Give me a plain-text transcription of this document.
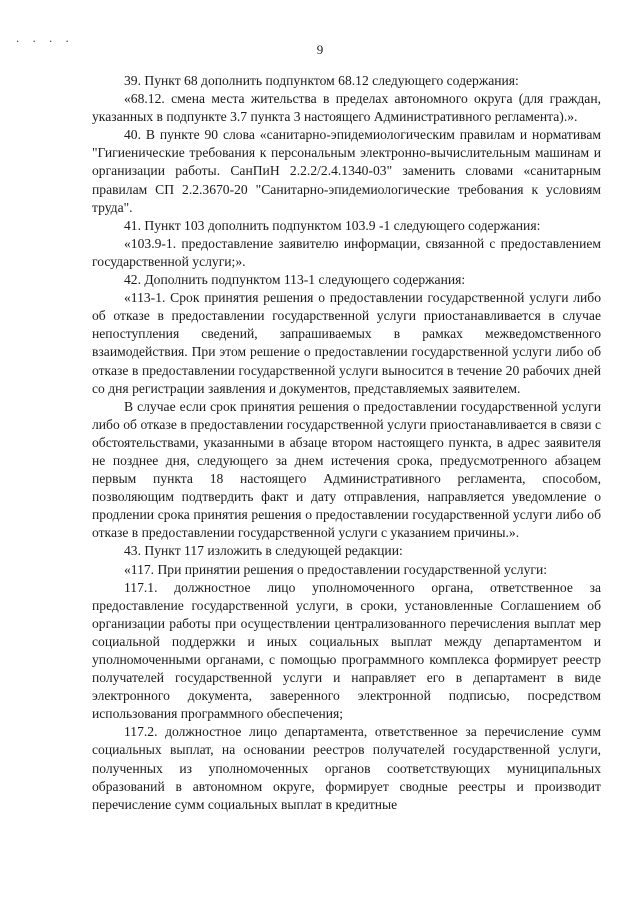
. . . .
9

39. Пункт 68 дополнить подпунктом 68.12 следующего содержания:

«68.12. смена места жительства в пределах автономного округа (для граждан, указанных в подпункте 3.7 пункта 3 настоящего Административного регламента).».

40. В пункте 90 слова «санитарно-эпидемиологическим правилам и нормативам "Гигиенические требования к персональным электронно-вычислительным машинам и организации работы. СанПиН 2.2.2/2.4.1340-03" заменить словами «санитарным правилам СП 2.2.3670-20 "Санитарно-эпидемиологические требования к условиям труда".

41. Пункт 103 дополнить подпунктом 103.9 -1 следующего содержания:

«103.9-1. предоставление заявителю информации, связанной с предоставлением государственной услуги;».

42. Дополнить подпунктом 113-1 следующего содержания:

«113-1. Срок принятия решения о предоставлении государственной услуги либо об отказе в предоставлении государственной услуги приостанавливается в случае непоступления сведений, запрашиваемых в рамках межведомственного взаимодействия. При этом решение о предоставлении государственной услуги либо об отказе в предоставлении государственной услуги выносится в течение 20 рабочих дней со дня регистрации заявления и документов, представляемых заявителем.

В случае если срок принятия решения о предоставлении государственной услуги либо об отказе в предоставлении государственной услуги приостанавливается в связи с обстоятельствами, указанными в абзаце втором настоящего пункта, в адрес заявителя не позднее дня, следующего за днем истечения срока, предусмотренного абзацем первым пункта 18 настоящего Административного регламента, способом, позволяющим подтвердить факт и дату отправления, направляется уведомление о продлении срока принятия решения о предоставлении государственной услуги либо об отказе в предоставлении государственной услуги с указанием причины.».

43. Пункт 117 изложить в следующей редакции:

«117. При принятии решения о предоставлении государственной услуги:

117.1. должностное лицо уполномоченного органа, ответственное за предоставление государственной услуги, в сроки, установленные Соглашением об организации работы при осуществлении централизованного перечисления выплат мер социальной поддержки и иных социальных выплат между департаментом и уполномоченными органами, с помощью программного комплекса формирует реестр получателей государственной услуги и направляет его в департамент в виде электронного документа, заверенного электронной подписью, посредством использования программного обеспечения;

117.2. должностное лицо департамента, ответственное за перечисление сумм социальных выплат, на основании реестров получателей государственной услуги, полученных из уполномоченных органов соответствующих муниципальных образований в автономном округе, формирует сводные реестры и производит перечисление сумм социальных выплат в кредитные
